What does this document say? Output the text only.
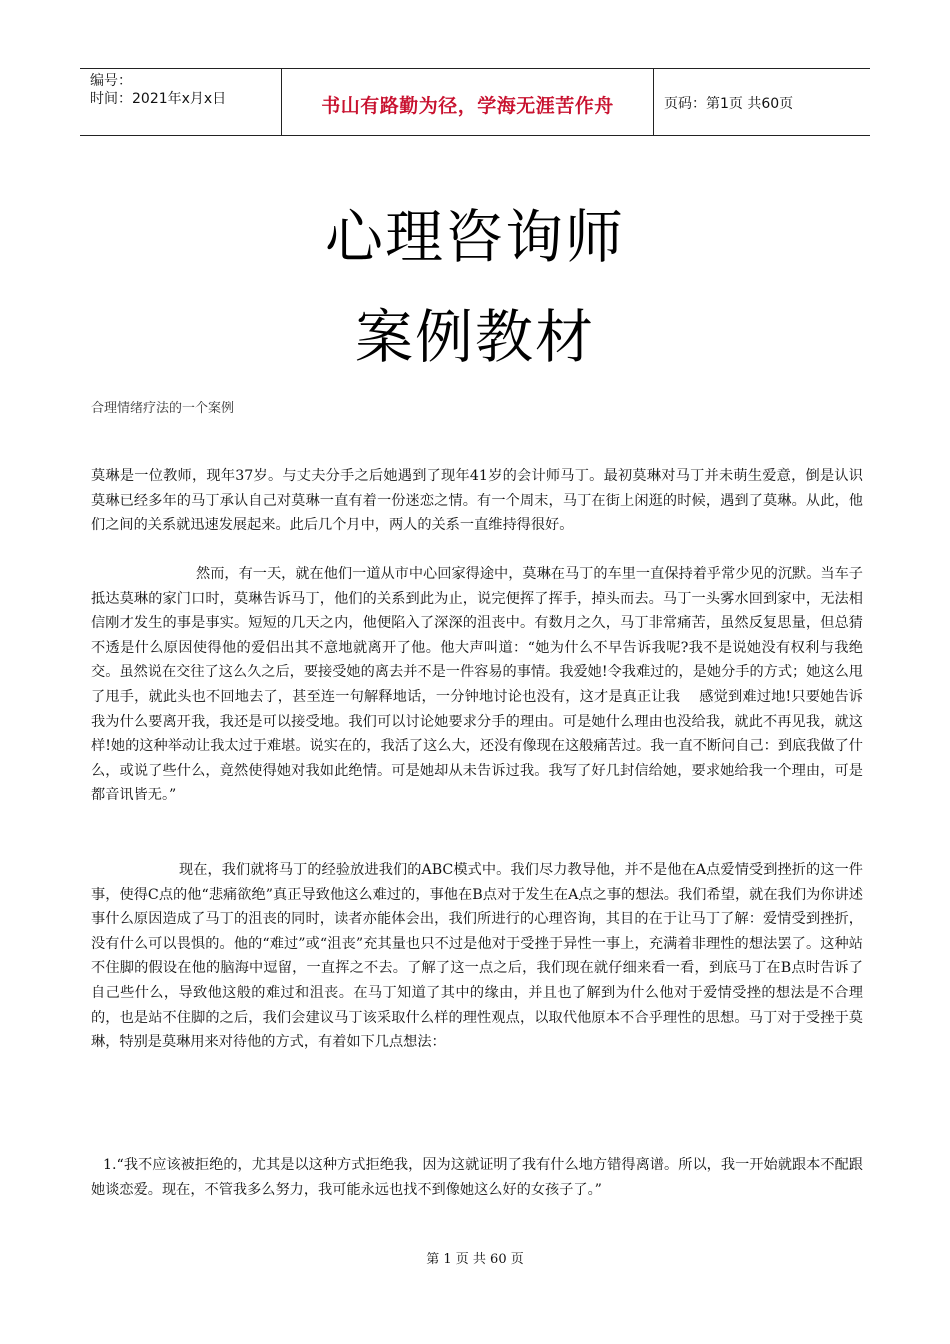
编号：
时间：2021年x月x日	书山有路勤为径，学海无涯苦作舟	页码：第1页 共60页
心理咨询师
案例教材
合理情绪疗法的一个案例

莫琳是一位教师，现年37岁。与丈夫分手之后她遇到了现年41岁的会计师马丁。最初莫琳对马丁并未萌生爱意，倒是认识莫琳已经多年的马丁承认自己对莫琳一直有着一份迷恋之情。有一个周末，马丁在街上闲逛的时候，遇到了莫琳。从此，他们之间的关系就迅速发展起来。此后几个月中，两人的关系一直维持得很好。

然而，有一天，就在他们一道从市中心回家得途中，莫琳在马丁的车里一直保持着乎常少见的沉默。当车子抵达莫琳的家门口时，莫琳告诉马丁，他们的关系到此为止，说完便挥了挥手，掉头而去。马丁一头雾水回到家中，无法相信刚才发生的事是事实。短短的几天之内，他便陷入了深深的沮丧中。有数月之久，马丁非常痛苦，虽然反复思量，但总猜不透是什么原因使得他的爱侣出其不意地就离开了他。他大声叫道：“她为什么不早告诉我呢?我不是说她没有权利与我绝交。虽然说在交往了这么久之后，要接受她的离去并不是一件容易的事情。我爱她!令我难过的，是她分手的方式；她这么甩了甩手，就此头也不回地去了，甚至连一句解释地话，一分钟地讨论也没有，这才是真正让我　 感觉到难过地!只要她告诉我为什么要离开我，我还是可以接受地。我们可以讨论她要求分手的理由。可是她什么理由也没给我，就此不再见我，就这样!她的这种举动让我太过于难堪。说实在的，我活了这么大，还没有像现在这般痛苦过。我一直不断问自己：到底我做了什么，或说了些什么，竟然使得她对我如此绝情。可是她却从未告诉过我。我写了好几封信给她，要求她给我一个理由，可是都音讯皆无。”

现在，我们就将马丁的经验放进我们的ABC模式中。我们尽力教导他，并不是他在A点爱情受到挫折的这一件事，使得C点的他“悲痛欲绝”真正导致他这么难过的，事他在B点对于发生在A点之事的想法。我们希望，就在我们为你讲述事什么原因造成了马丁的沮丧的同时，读者亦能体会出，我们所进行的心理咨询，其目的在于让马丁了解：爱情受到挫折，没有什么可以畏惧的。他的“难过”或“沮丧”充其量也只不过是他对于受挫于异性一事上，充满着非理性的想法罢了。这种站不住脚的假设在他的脑海中逗留，一直挥之不去。了解了这一点之后，我们现在就仔细来看一看，到底马丁在B点时告诉了自己些什么，导致他这般的难过和沮丧。在马丁知道了其中的缘由，并且也了解到为什么他对于爱情受挫的想法是不合理的，也是站不住脚的之后，我们会建议马丁该采取什么样的理性观点，以取代他原本不合乎理性的思想。马丁对于受挫于莫琳，特别是莫琳用来对待他的方式，有着如下几点想法：

1.“我不应该被拒绝的，尤其是以这种方式拒绝我，因为这就证明了我有什么地方错得离谱。所以，我一开始就跟本不配跟她谈恋爱。现在，不管我多么努力，我可能永远也找不到像她这么好的女孩子了。”

第 1 页 共 60 页
